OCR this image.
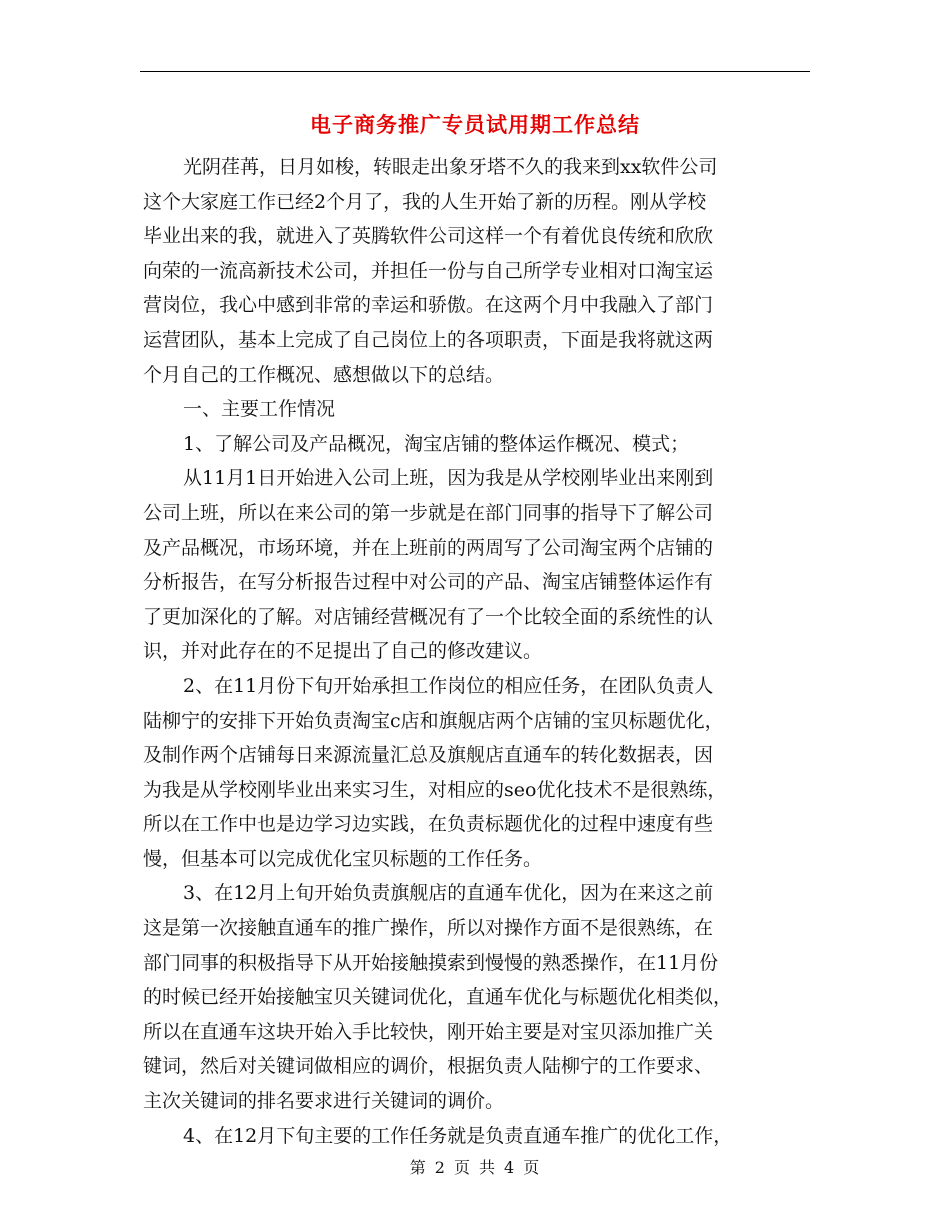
电子商务推广专员试用期工作总结
光阴荏苒，日月如梭，转眼走出象牙塔不久的我来到xx软件公司
这个大家庭工作已经2个月了，我的人生开始了新的历程。刚从学校
毕业出来的我，就进入了英腾软件公司这样一个有着优良传统和欣欣
向荣的一流高新技术公司，并担任一份与自己所学专业相对口淘宝运
营岗位，我心中感到非常的幸运和骄傲。在这两个月中我融入了部门
运营团队，基本上完成了自己岗位上的各项职责，下面是我将就这两
个月自己的工作概况、感想做以下的总结。
一、主要工作情况
1、了解公司及产品概况，淘宝店铺的整体运作概况、模式；
从11月1日开始进入公司上班，因为我是从学校刚毕业出来刚到
公司上班，所以在来公司的第一步就是在部门同事的指导下了解公司
及产品概况，市场环境，并在上班前的两周写了公司淘宝两个店铺的
分析报告，在写分析报告过程中对公司的产品、淘宝店铺整体运作有
了更加深化的了解。对店铺经营概况有了一个比较全面的系统性的认
识，并对此存在的不足提出了自己的修改建议。
2、在11月份下旬开始承担工作岗位的相应任务，在团队负责人
陆柳宁的安排下开始负责淘宝c店和旗舰店两个店铺的宝贝标题优化，
及制作两个店铺每日来源流量汇总及旗舰店直通车的转化数据表，因
为我是从学校刚毕业出来实习生，对相应的seo优化技术不是很熟练，
所以在工作中也是边学习边实践，在负责标题优化的过程中速度有些
慢，但基本可以完成优化宝贝标题的工作任务。
3、在12月上旬开始负责旗舰店的直通车优化，因为在来这之前
这是第一次接触直通车的推广操作，所以对操作方面不是很熟练，在
部门同事的积极指导下从开始接触摸索到慢慢的熟悉操作，在11月份
的时候已经开始接触宝贝关键词优化，直通车优化与标题优化相类似，
所以在直通车这块开始入手比较快，刚开始主要是对宝贝添加推广关
键词，然后对关键词做相应的调价，根据负责人陆柳宁的工作要求、
主次关键词的排名要求进行关键词的调价。
4、在12月下旬主要的工作任务就是负责直通车推广的优化工作，
第 2 页 共 4 页
